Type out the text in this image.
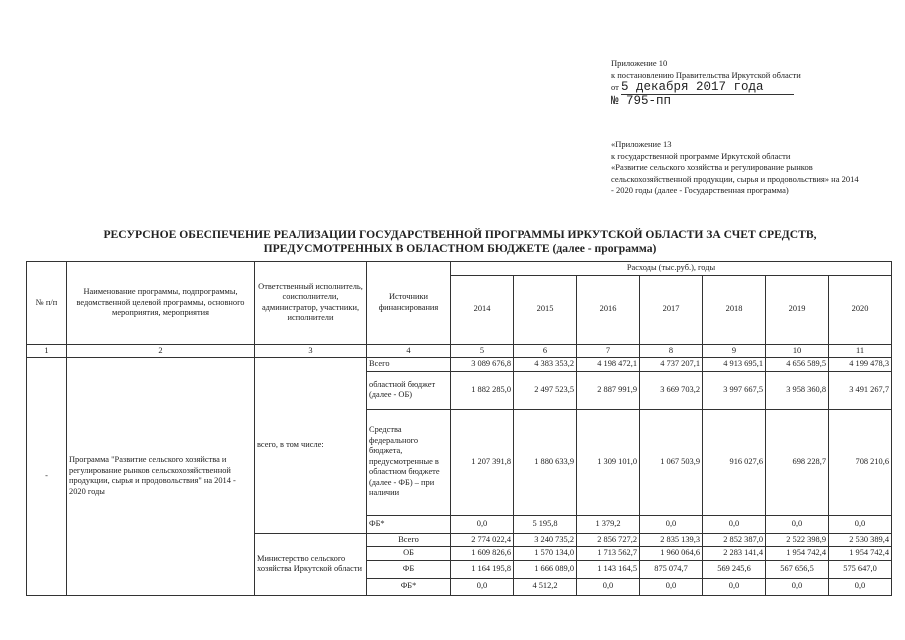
Приложение 10
к постановлению Правительства Иркутской области
от 5 декабря 2017 года
№ 795-пп
«Приложение 13
к государственной программе Иркутской области
«Развитие сельского хозяйства и регулирование рынков сельскохозяйственной продукции, сырья и продовольствия» на 2014 - 2020 годы (далее - Государственная программа)
РЕСУРСНОЕ ОБЕСПЕЧЕНИЕ РЕАЛИЗАЦИИ ГОСУДАРСТВЕННОЙ ПРОГРАММЫ ИРКУТСКОЙ ОБЛАСТИ ЗА СЧЕТ СРЕДСТВ,
ПРЕДУСМОТРЕННЫХ В ОБЛАСТНОМ БЮДЖЕТЕ (далее - программа)
№ п/п	Наименование программы, подпрограммы, ведомственной целевой программы, основного мероприятия, мероприятия	Ответственный исполнитель, соисполнители, администратор, участники, исполнители	Источники финансирования	Расходы (тыс.руб.), годы						
				2014	2015	2016	2017	2018	2019	2020
1	2	3	4	5	6	7	8	9	10	11
-	Программа "Развитие сельского хозяйства и регулирование рынков сельскохозяйственной продукции, сырья и продовольствия" на 2014 - 2020 годы	всего, в том числе:	Всего	3 089 676,8	4 383 353,2	4 198 472,1	4 737 207,1	4 913 695,1	4 656 589,5	4 199 478,3
			областной бюджет (далее - ОБ)	1 882 285,0	2 497 523,5	2 887 991,9	3 669 703,2	3 997 667,5	3 958 360,8	3 491 267,7
			Средства федерального бюджета, предусмотренные в областном бюджете (далее - ФБ) – при наличии	1 207 391,8	1 880 633,9	1 309 101,0	1 067 503,9	916 027,6	698 228,7	708 210,6
			ФБ*	0,0	5 195,8	1 379,2	0,0	0,0	0,0	0,0
		Министерство сельского хозяйства Иркутской области	Всего	2 774 022,4	3 240 735,2	2 856 727,2	2 835 139,3	2 852 387,0	2 522 398,9	2 530 389,4
			ОБ	1 609 826,6	1 570 134,0	1 713 562,7	1 960 064,6	2 283 141,4	1 954 742,4	1 954 742,4
			ФБ	1 164 195,8	1 666 089,0	1 143 164,5	875 074,7	569 245,6	567 656,5	575 647,0
			ФБ*	0,0	4 512,2	0,0	0,0	0,0	0,0	0,0
